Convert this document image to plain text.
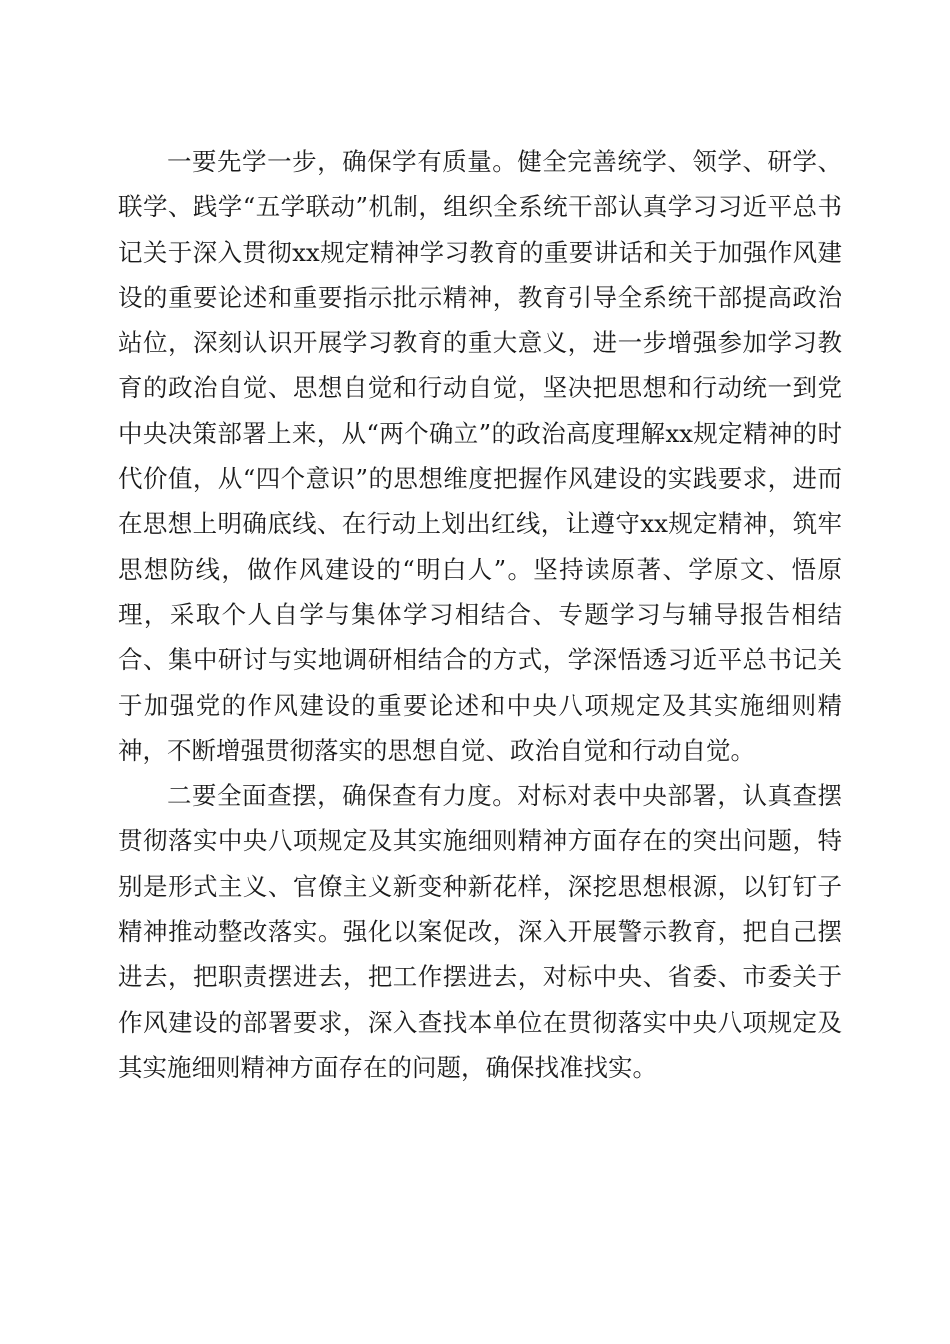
一要先学一步，确保学有质量。健全完善统学、领学、研学、联学、践学“五学联动”机制，组织全系统干部认真学习习近平总书记关于深入贯彻xx规定精神学习教育的重要讲话和关于加强作风建设的重要论述和重要指示批示精神，教育引导全系统干部提高政治站位，深刻认识开展学习教育的重大意义，进一步增强参加学习教育的政治自觉、思想自觉和行动自觉，坚决把思想和行动统一到党中央决策部署上来，从“两个确立”的政治高度理解xx规定精神的时代价值，从“四个意识”的思想维度把握作风建设的实践要求，进而在思想上明确底线、在行动上划出红线，让遵守xx规定精神，筑牢思想防线，做作风建设的“明白人”。坚持读原著、学原文、悟原理，采取个人自学与集体学习相结合、专题学习与辅导报告相结合、集中研讨与实地调研相结合的方式，学深悟透习近平总书记关于加强党的作风建设的重要论述和中央八项规定及其实施细则精神，不断增强贯彻落实的思想自觉、政治自觉和行动自觉。

二要全面查摆，确保查有力度。对标对表中央部署，认真查摆贯彻落实中央八项规定及其实施细则精神方面存在的突出问题，特别是形式主义、官僚主义新变种新花样，深挖思想根源，以钉钉子精神推动整改落实。强化以案促改，深入开展警示教育，把自己摆进去，把职责摆进去，把工作摆进去，对标中央、省委、市委关于作风建设的部署要求，深入查找本单位在贯彻落实中央八项规定及其实施细则精神方面存在的问题，确保找准找实。
